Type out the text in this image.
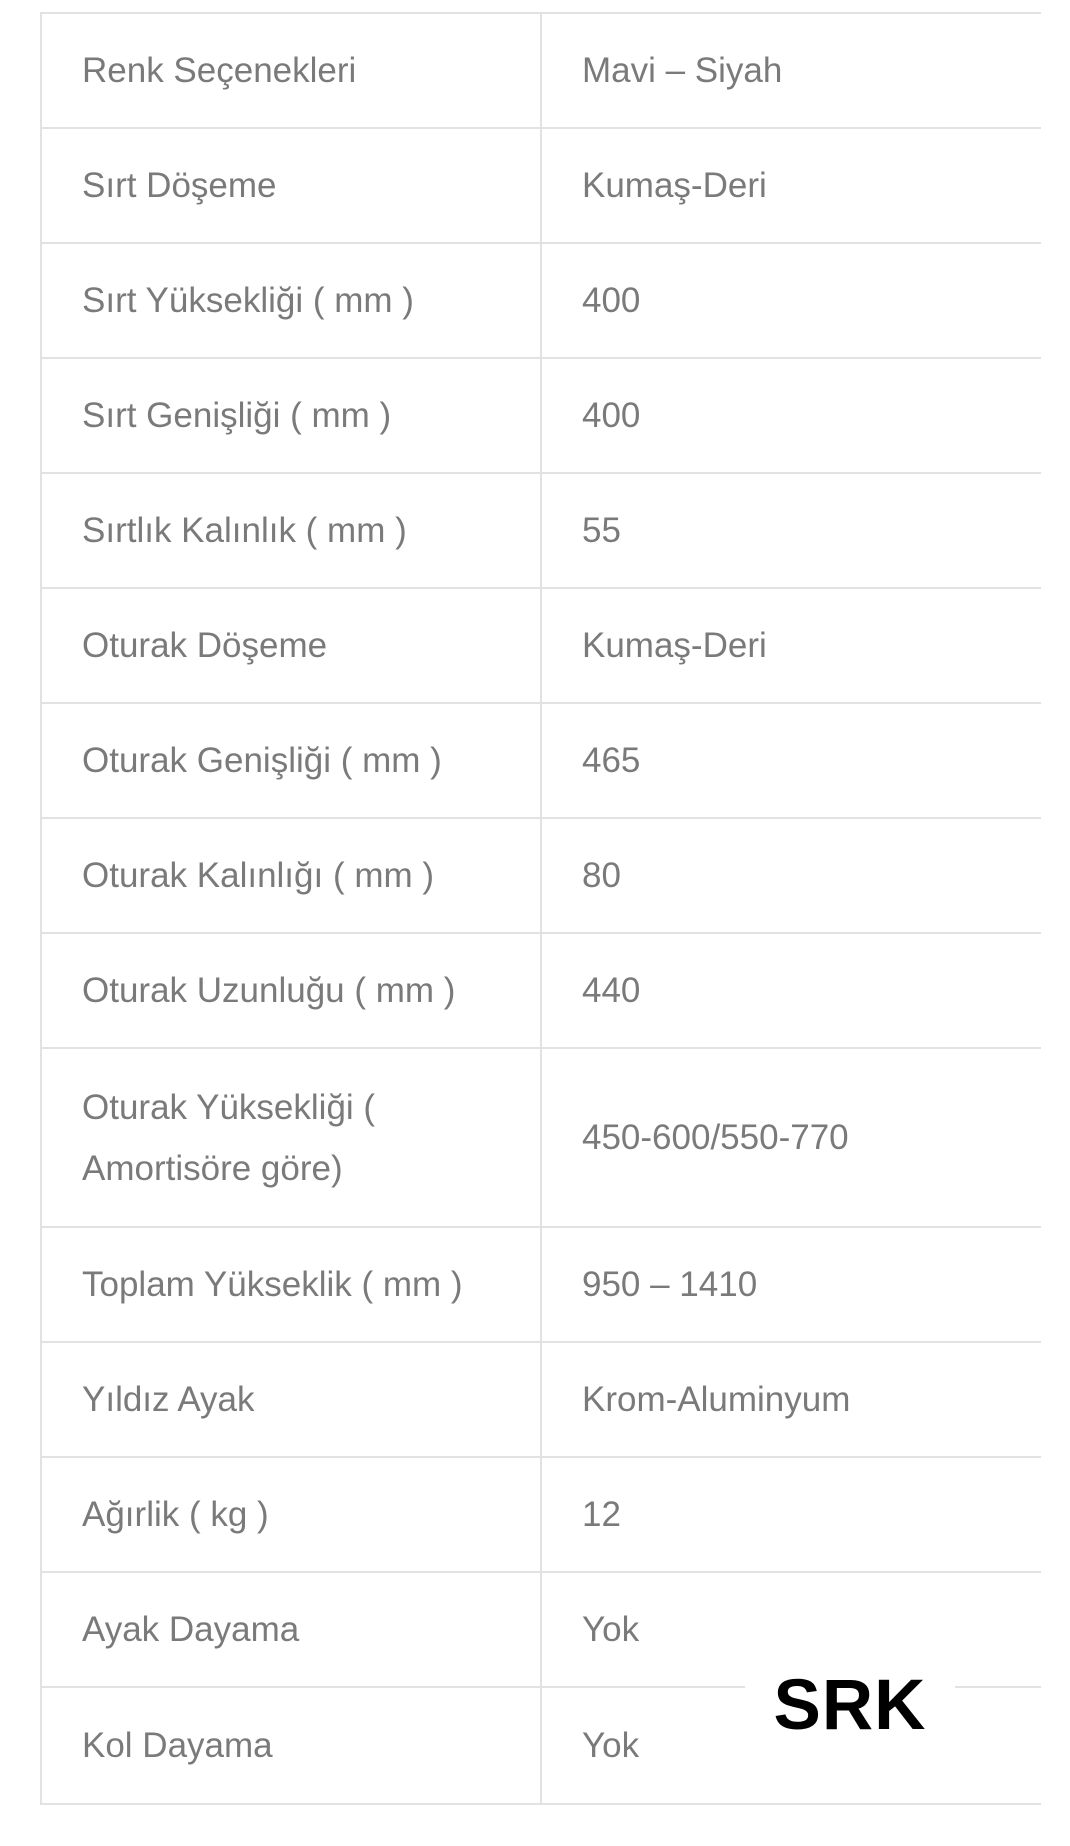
Renk Seçenekleri	Mavi – Siyah
Sırt Döşeme	Kumaş-Deri
Sırt Yüksekliği ( mm )	400
Sırt Genişliği ( mm )	400
Sırtlık Kalınlık ( mm )	55
Oturak Döşeme	Kumaş-Deri
Oturak Genişliği ( mm )	465
Oturak Kalınlığı ( mm )	80
Oturak Uzunluğu ( mm )	440
Oturak Yüksekliği ( Amortisöre göre)	450-600/550-770
Toplam Yükseklik ( mm )	950 – 1410
Yıldız Ayak	Krom-Aluminyum
Ağırlik ( kg )	12
Ayak Dayama	Yok
Kol Dayama	Yok
SRK
